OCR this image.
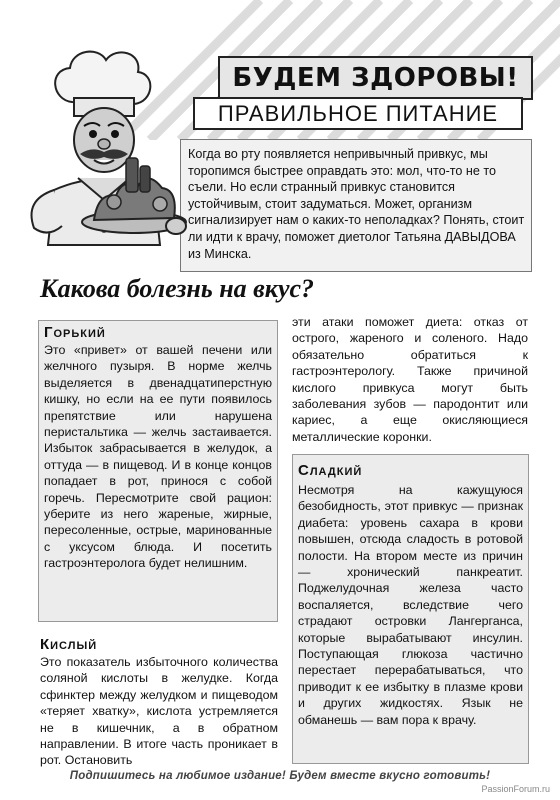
БУДЕМ ЗДОРОВЫ!
ПРАВИЛЬНОЕ ПИТАНИЕ

Когда во рту появляется непривычный привкус, мы торопимся быстрее оправдать это: мол, что-то не то съели. Но если странный привкус становится устойчивым, стоит задуматься. Может, организм сигнализирует нам о каких-то неполадках? Понять, стоит ли идти к врачу, поможет диетолог Татьяна ДАВЫДОВА из Минска.

Какова болезнь на вкус?
Горький

Это «привет» от вашей печени или желчного пузыря. В норме желчь выделяется в двенадцатиперстную кишку, но если на ее пути появилось препятствие или нарушена перистальтика — желчь застаивается. Избыток забрасывается в желудок, а оттуда — в пищевод. И в конце концов попадает в рот, принося с собой горечь. Пересмотрите свой рацион: уберите из него жареные, жирные, пересоленные, острые, маринованные с уксусом блюда. И посетить гастроэнтеролога будет нелишним.

Кислый

Это показатель избыточного количества соляной кислоты в желудке. Когда сфинктер между желудком и пищеводом «теряет хватку», кислота устремляется не в кишечник, а в обратном направлении. В итоге часть проникает в рот. Остановить

эти атаки поможет диета: отказ от острого, жареного и соленого. Надо обязательно обратиться к гастроэнтерологу. Также причиной кислого привкуса могут быть заболевания зубов — пародонтит или кариес, а еще окисляющиеся металлические коронки.

Сладкий

Несмотря на кажущуюся безобидность, этот привкус — признак диабета: уровень сахара в крови повышен, отсюда сладость в ротовой полости. На втором месте из причин — хронический панкреатит. Поджелудочная железа часто воспаляется, вследствие чего страдают островки Лангерганса, которые вырабатывают инсулин. Поступающая глюкоза частично перестает перерабатываться, что приводит к ее избытку в плазме крови и других жидкостях. Язык не обманешь — вам пора к врачу.

Подпишитесь на любимое издание! Будем вместе вкусно готовить!

PassionForum.ru
